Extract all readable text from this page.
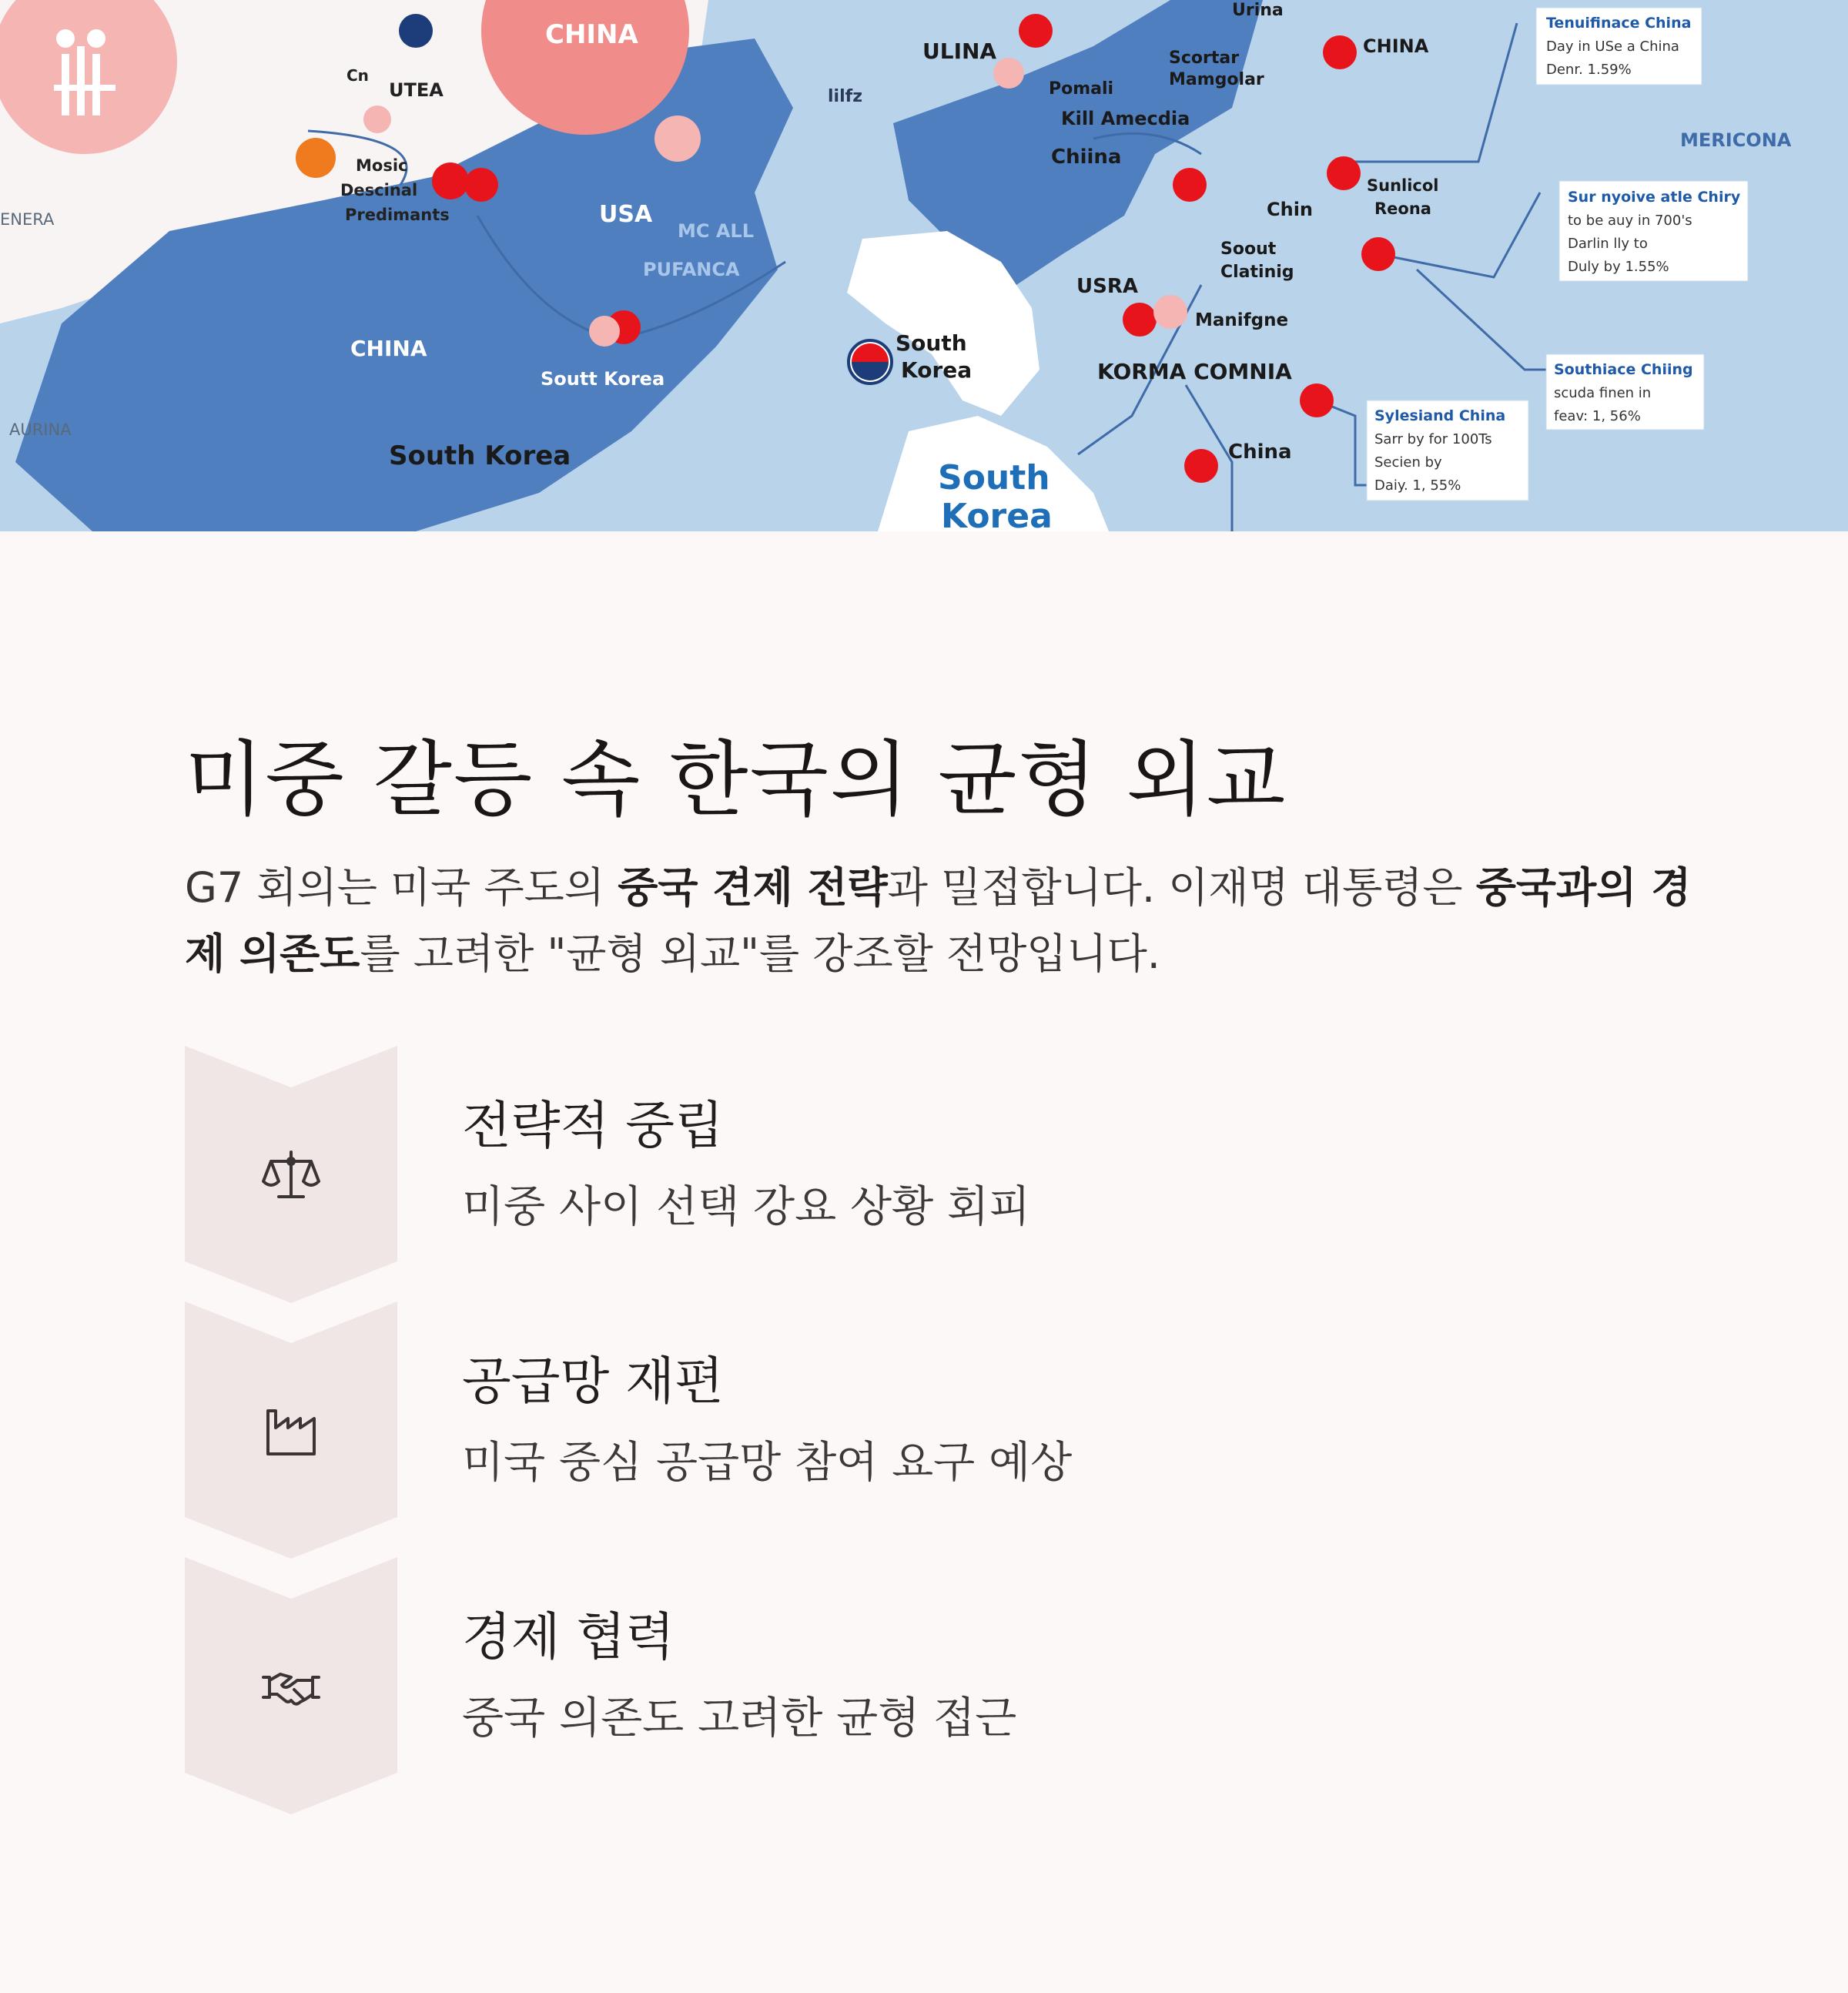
CHINA
Cn
UTEA
Mosic
Descinal
Predimants
ENERA	USA
MC ALL
PUFANCA
CHINA
AURINA
Soutt Korea
South Korea
ULINA
lilfz	Pomali
Kill Amecdia
Chiina
South
Korea
Urina
Scortar
Mamgolar
CHINA
Chin
Sunlicol
Reona
Soout
Clatinig
USRA
Manifgne
KORMA COMNIA
China
South
Korea
MERICONA
Tenuifinace China
Day in USe a China
Denr. 1.59%
Sur nyoive atle Chiry
to be auy in 700's
Darlin lly to
Duly by 1.55%
Southiace Chiing
scuda finen in
feav: 1, 56%
Sylesiand China
Sarr by for 100Ts
Secien by
Daiy. 1, 55%
미중 갈등 속 한국의 균형 외교

G7 회의는 미국 주도의 중국 견제 전략과 밀접합니다. 이재명 대통령은 중국과의 경제 의존도를 고려한 "균형 외교"를 강조할 전망입니다.

전략적 중립

미중 사이 선택 강요 상황 회피

공급망 재편

미국 중심 공급망 참여 요구 예상

경제 협력

중국 의존도 고려한 균형 접근
